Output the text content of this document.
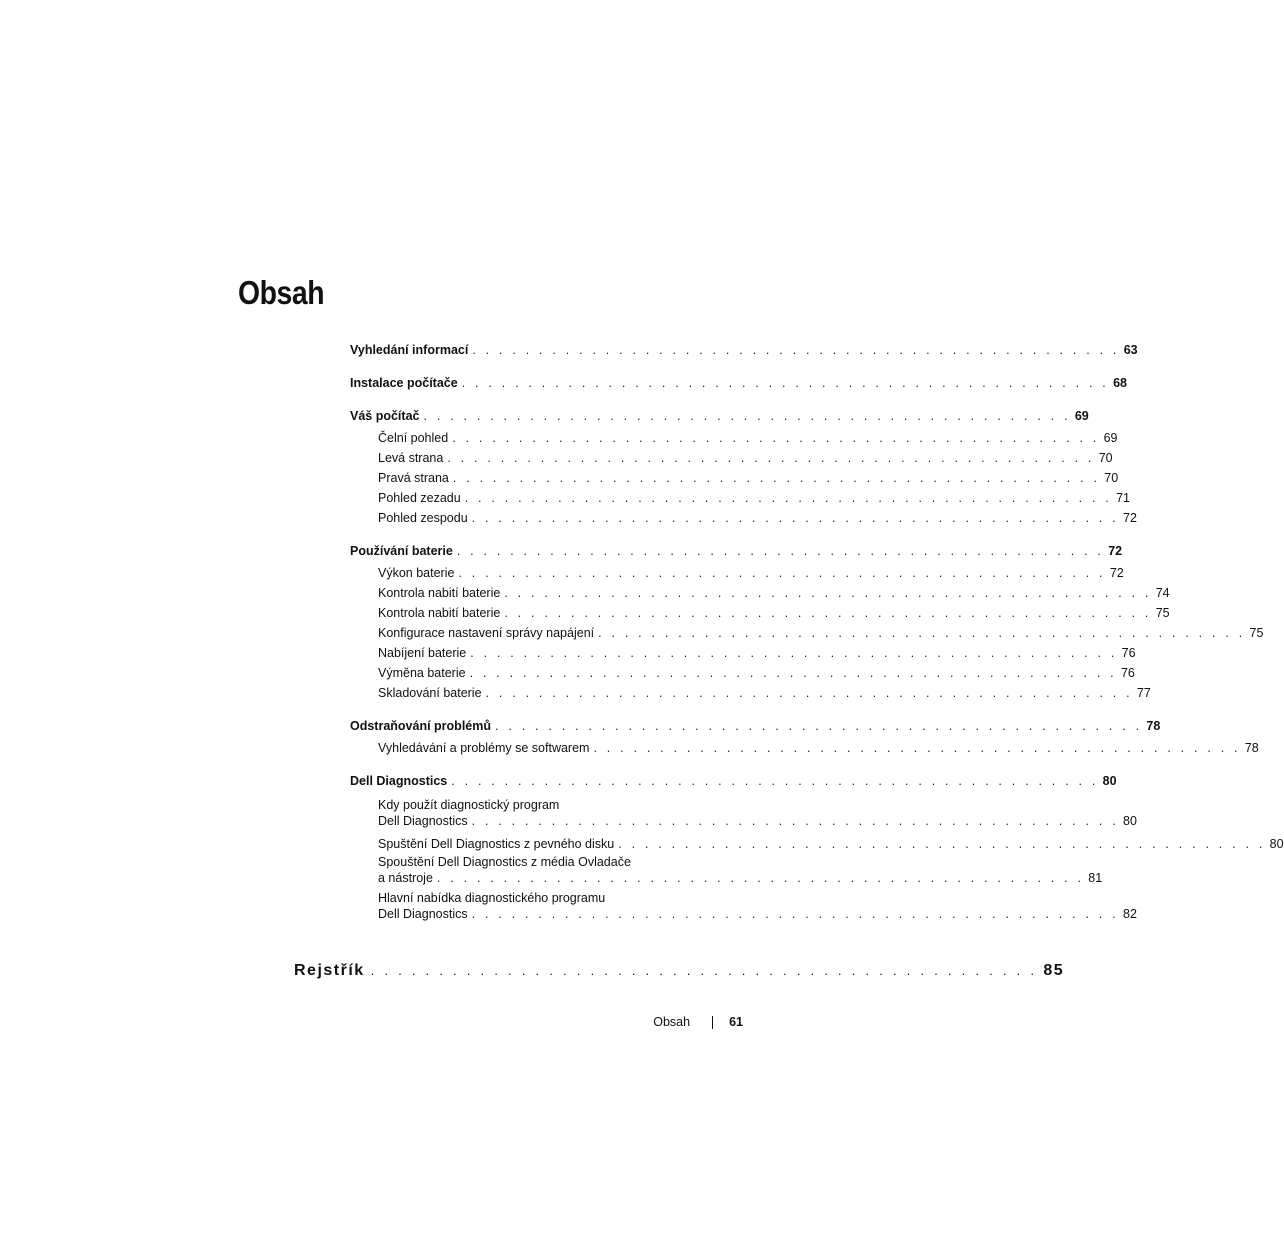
Obsah
Vyhledání informací . . . . . . . . . . . . . . . . . . . . . . . . . . . . . . . . . . . . . . . . . . . . . . . . . 63
Instalace počítače . . . . . . . . . . . . . . . . . . . . . . . . . . . . . . . . . . . . . . . . . . . . . . . . . 68
Váš počítač . . . . . . . . . . . . . . . . . . . . . . . . . . . . . . . . . . . . . . . . . . . . . . . . . 69
Čelní pohled . . . . . . . . . . . . . . . . . . . . . . . . . . . . . . . . . . . . . . . . . . . . . . . . . 69
Levá strana . . . . . . . . . . . . . . . . . . . . . . . . . . . . . . . . . . . . . . . . . . . . . . . . . 70
Pravá strana . . . . . . . . . . . . . . . . . . . . . . . . . . . . . . . . . . . . . . . . . . . . . . . . . 70
Pohled zezadu . . . . . . . . . . . . . . . . . . . . . . . . . . . . . . . . . . . . . . . . . . . . . . . . . 71
Pohled zespodu . . . . . . . . . . . . . . . . . . . . . . . . . . . . . . . . . . . . . . . . . . . . . . . . . 72
Používání baterie . . . . . . . . . . . . . . . . . . . . . . . . . . . . . . . . . . . . . . . . . . . . . . . . . 72
Výkon baterie . . . . . . . . . . . . . . . . . . . . . . . . . . . . . . . . . . . . . . . . . . . . . . . . . 72
Kontrola nabití baterie . . . . . . . . . . . . . . . . . . . . . . . . . . . . . . . . . . . . . . . . . . . . . . . . . 74
Kontrola nabití baterie . . . . . . . . . . . . . . . . . . . . . . . . . . . . . . . . . . . . . . . . . . . . . . . . . 75
Konfigurace nastavení správy napájení . . . . . . . . . . . . . . . . . . . . . . . . . . . . . . . . . . . . . . . . . . . . . . . . . 75
Nabíjení baterie . . . . . . . . . . . . . . . . . . . . . . . . . . . . . . . . . . . . . . . . . . . . . . . . . 76
Výměna baterie . . . . . . . . . . . . . . . . . . . . . . . . . . . . . . . . . . . . . . . . . . . . . . . . . 76
Skladování baterie . . . . . . . . . . . . . . . . . . . . . . . . . . . . . . . . . . . . . . . . . . . . . . . . . 77
Odstraňování problémů . . . . . . . . . . . . . . . . . . . . . . . . . . . . . . . . . . . . . . . . . . . . . . . . . 78
Vyhledávání a problémy se softwarem . . . . . . . . . . . . . . . . . . . . . . . . . . . . . . . . . . . . . . . . . . . . . . . . . 78
Dell Diagnostics . . . . . . . . . . . . . . . . . . . . . . . . . . . . . . . . . . . . . . . . . . . . . . . . . 80
Kdy použít diagnostický program
Dell Diagnostics . . . . . . . . . . . . . . . . . . . . . . . . . . . . . . . . . . . . . . . . . . . . . . . . . 80
Spuštění Dell Diagnostics z pevného disku . . . . . . . . . . . . . . . . . . . . . . . . . . . . . . . . . . . . . . . . . . . . . . . . . 80
Spouštění Dell Diagnostics z média Ovladače
a nástroje . . . . . . . . . . . . . . . . . . . . . . . . . . . . . . . . . . . . . . . . . . . . . . . . . 81
Hlavní nabídka diagnostického programu
Dell Diagnostics . . . . . . . . . . . . . . . . . . . . . . . . . . . . . . . . . . . . . . . . . . . . . . . . . 82
Rejstřík . . . . . . . . . . . . . . . . . . . . . . . . . . . . . . . . . . . . . . . . . . . . . . . . . 85
Obsah	61
